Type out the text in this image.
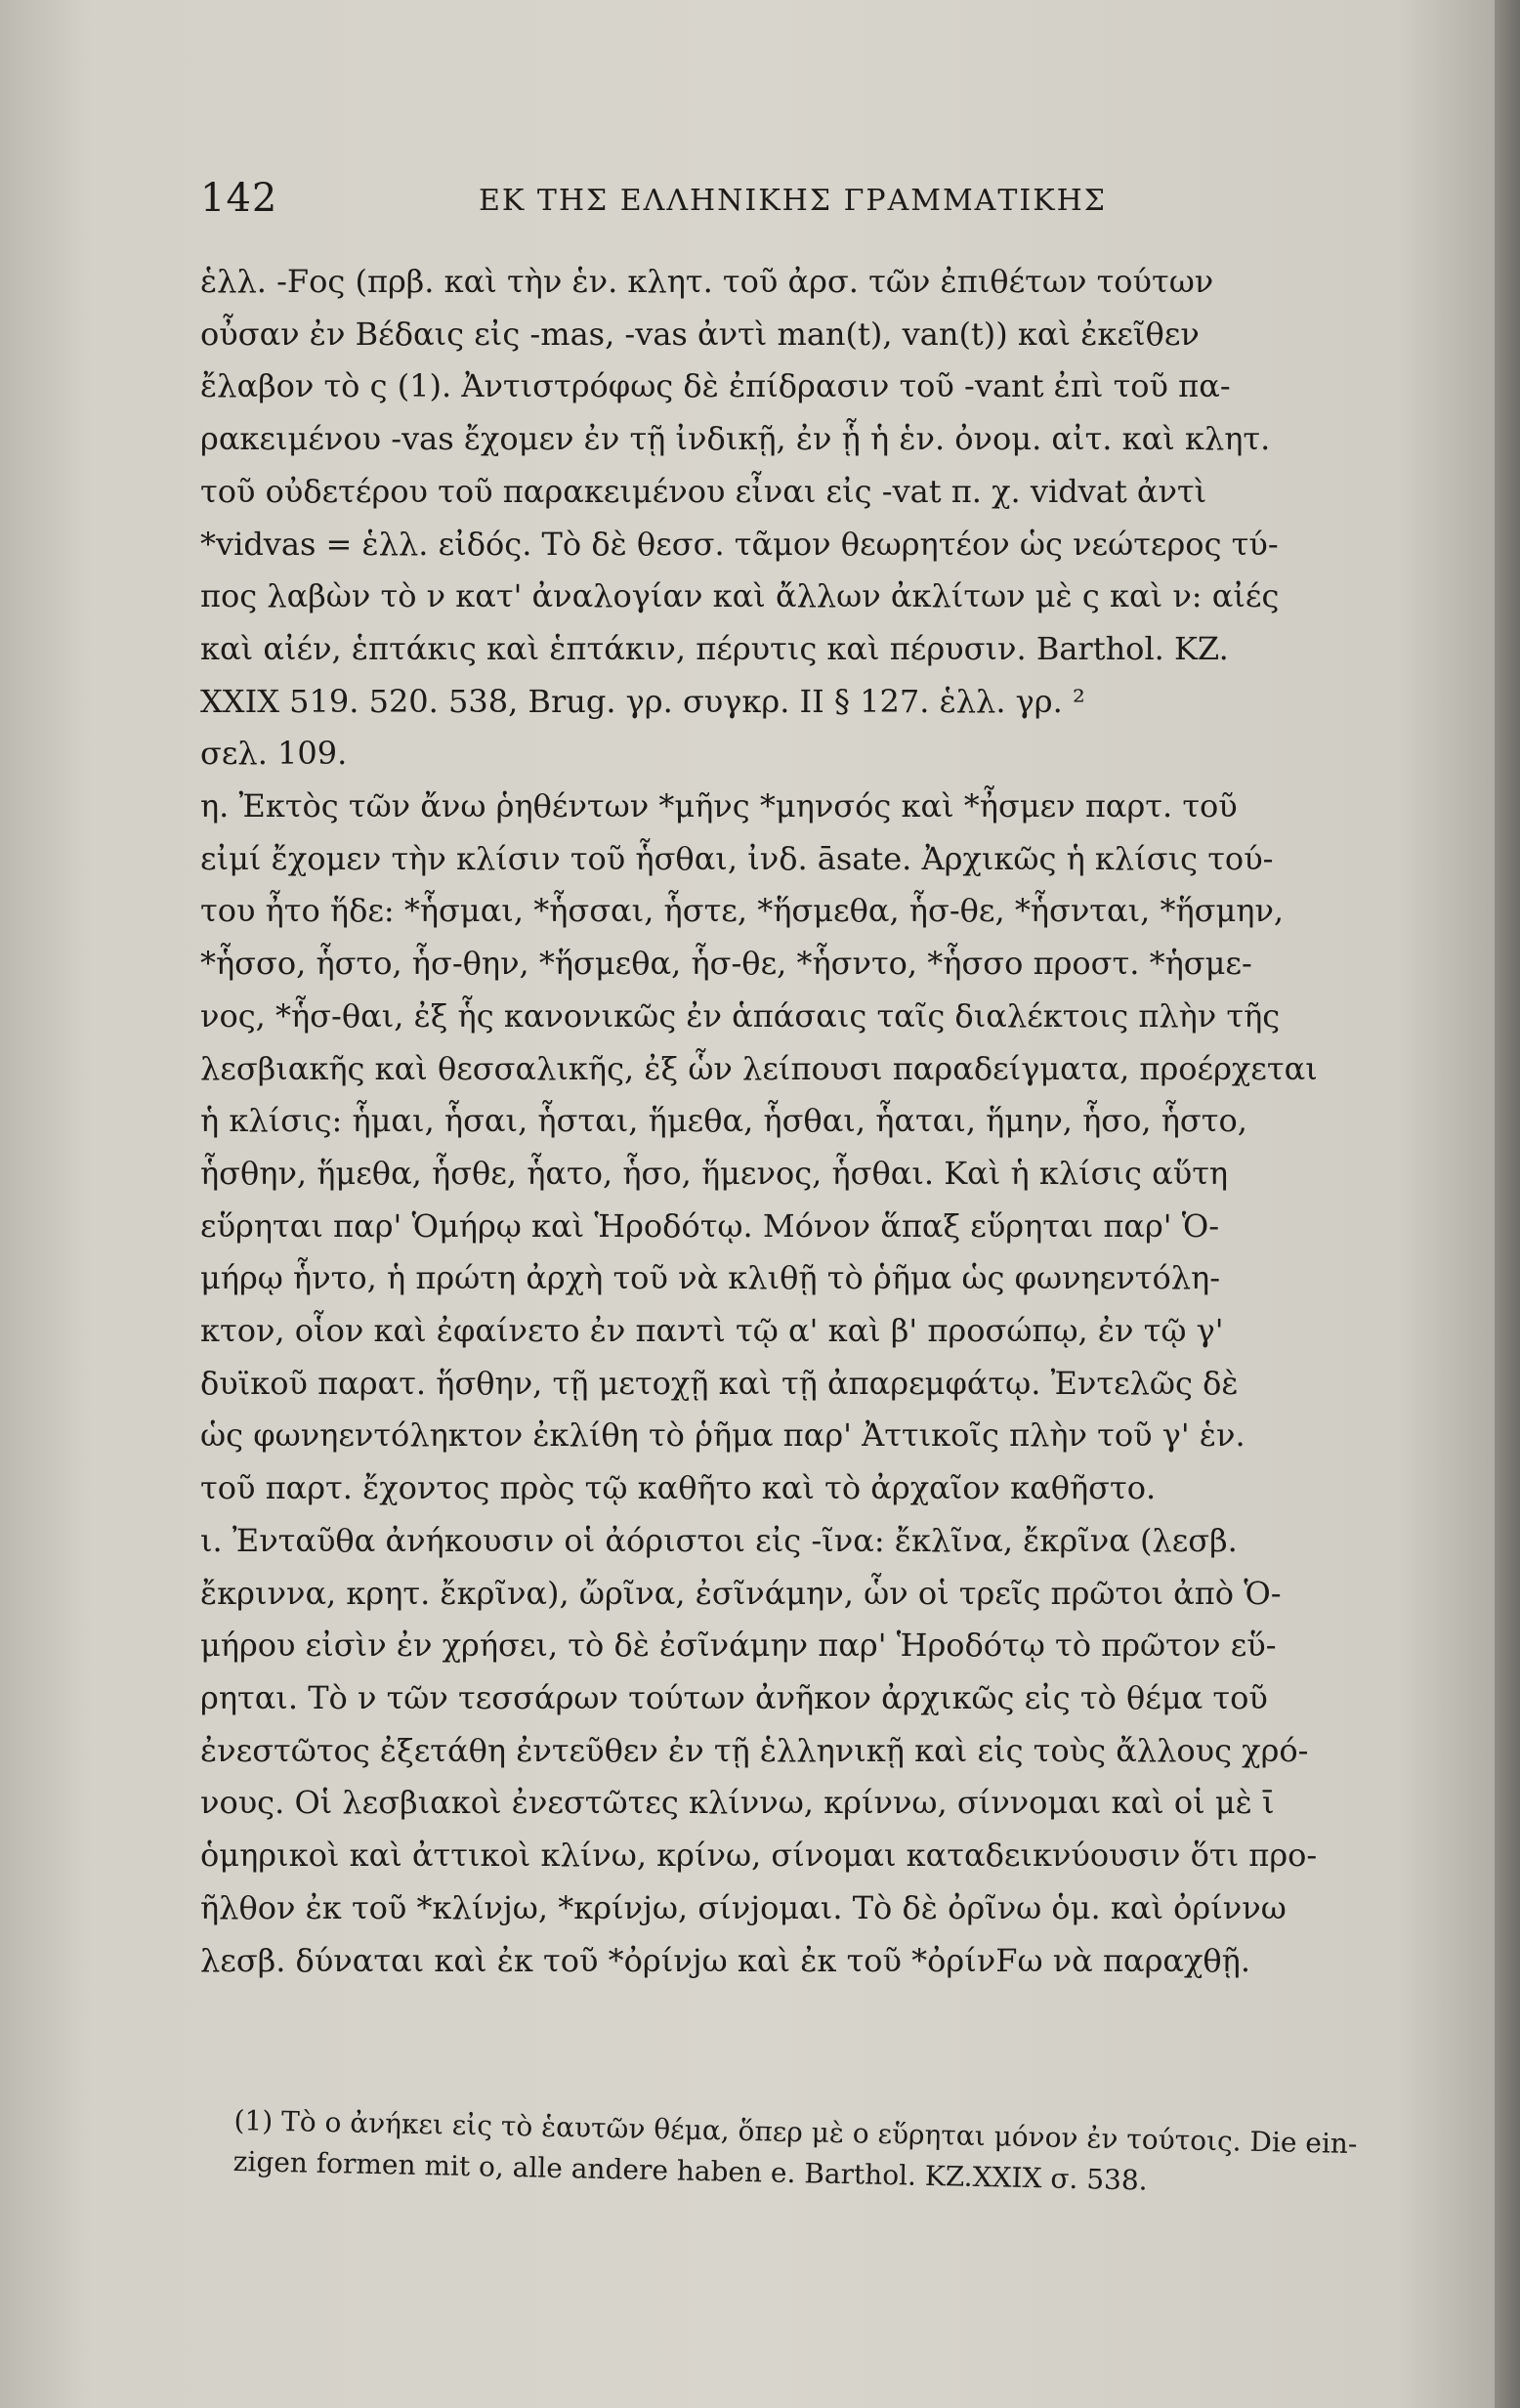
142	ΕΚ ΤΗΣ ΕΛΛΗΝΙΚΗΣ ΓΡΑΜΜΑΤΙΚΗΣ
ἑλλ. -Fος (πρβ. καὶ τὴν ἑν. κλητ. τοῦ ἀρσ. τῶν ἐπιθέτων τούτων
οὖσαν ἐν Βέδαις εἰς -mas, -vas ἀντὶ man(t), van(t)) καὶ ἐκεῖθεν
ἔλαβον τὸ ς (1). Ἀντιστρόφως δὲ ἐπίδρασιν τοῦ -vant ἐπὶ τοῦ πα-
ρακειμένου -vas ἔχομεν ἐν τῇ ἰνδικῇ, ἐν ᾗ ἡ ἑν. ὀνομ. αἰτ. καὶ κλητ.
τοῦ οὐδετέρου τοῦ παρακειμένου εἶναι εἰς -vat π. χ. vidvat ἀντὶ
*vidvas = ἑλλ. εἰδός. Τὸ δὲ θεσσ. τᾶμον θεωρητέον ὡς νεώτερος τύ-
πος λαβὼν τὸ ν κατ' ἀναλογίαν καὶ ἄλλων ἀκλίτων μὲ ς καὶ ν: αἰές
καὶ αἰέν, ἑπτάκις καὶ ἑπτάκιν, πέρυτις καὶ πέρυσιν. Barthol. KZ.
XXIX 519. 520. 538, Brug. γρ. συγκρ. II § 127. ἑλλ. γρ. ²
σελ. 109.
η. Ἐκτὸς τῶν ἄνω ῥηθέντων *μῆνς *μηνσός καὶ *ἦσμεν παρτ. τοῦ
εἰμί ἔχομεν τὴν κλίσιν τοῦ ἧσθαι, ἰνδ. āsate. Ἀρχικῶς ἡ κλίσις τού-
του ἦτο ἥδε: *ἧσμαι, *ἧσσαι, ἧστε, *ἥσμεθα, ἧσ-θε, *ἧσνται, *ἥσμην,
*ἧσσο, ἧστο, ἧσ-θην, *ἥσμεθα, ἧσ-θε, *ἧσντο, *ἧσσο προστ. *ἡσμε-
νος, *ἧσ-θαι, ἐξ ἧς κανονικῶς ἐν ἁπάσαις ταῖς διαλέκτοις πλὴν τῆς
λεσβιακῆς καὶ θεσσαλικῆς, ἐξ ὧν λείπουσι παραδείγματα, προέρχεται
ἡ κλίσις: ἧμαι, ἧσαι, ἧσται, ἥμεθα, ἧσθαι, ἧαται, ἥμην, ἧσο, ἧστο,
ἧσθην, ἥμεθα, ἧσθε, ἧατο, ἧσο, ἥμενος, ἧσθαι. Καὶ ἡ κλίσις αὕτη
εὕρηται παρ' Ὁμήρῳ καὶ Ἡροδότῳ. Μόνον ἅπαξ εὕρηται παρ' Ὁ-
μήρῳ ἧντο, ἡ πρώτη ἀρχὴ τοῦ νὰ κλιθῇ τὸ ῥῆμα ὡς φωνηεντόλη-
κτον, οἷον καὶ ἐφαίνετο ἐν παντὶ τῷ α' καὶ β' προσώπῳ, ἐν τῷ γ'
δυϊκοῦ παρατ. ἥσθην, τῇ μετοχῇ καὶ τῇ ἀπαρεμφάτῳ. Ἐντελῶς δὲ
ὡς φωνηεντόληκτον ἐκλίθη τὸ ῥῆμα παρ' Ἀττικοῖς πλὴν τοῦ γ' ἑν.
τοῦ παρτ. ἔχοντος πρὸς τῷ καθῆτο καὶ τὸ ἀρχαῖον καθῆστο.
ι. Ἐνταῦθα ἀνήκουσιν οἱ ἀόριστοι εἰς -ῖνα: ἔκλῖνα, ἔκρῖνα (λεσβ.
ἔκριννα, κρητ. ἔκρῖνα), ὤρῖνα, ἐσῖνάμην, ὧν οἱ τρεῖς πρῶτοι ἀπὸ Ὁ-
μήρου εἰσὶν ἐν χρήσει, τὸ δὲ ἐσῖνάμην παρ' Ἡροδότῳ τὸ πρῶτον εὕ-
ρηται. Τὸ ν τῶν τεσσάρων τούτων ἀνῆκον ἀρχικῶς εἰς τὸ θέμα τοῦ
ἐνεστῶτος ἐξετάθη ἐντεῦθεν ἐν τῇ ἑλληνικῇ καὶ εἰς τοὺς ἄλλους χρό-
νους. Οἱ λεσβιακοὶ ἐνεστῶτες κλίννω, κρίννω, σίννομαι καὶ οἱ μὲ ῑ
ὁμηρικοὶ καὶ ἀττικοὶ κλίνω, κρίνω, σίνομαι καταδεικνύουσιν ὅτι προ-
ῆλθον ἐκ τοῦ *κλίνjω, *κρίνjω, σίνjομαι. Τὸ δὲ ὀρῖνω ὁμ. καὶ ὀρίννω
λεσβ. δύναται καὶ ἐκ τοῦ *ὀρίνjω καὶ ἐκ τοῦ *ὀρίνFω νὰ παραχθῇ.
(1) Τὸ ο ἀνήκει εἰς τὸ ἑαυτῶν θέμα, ὅπερ μὲ ο εὕρηται μόνον ἐν τούτοις. Die ein-
zigen formen mit o, alle andere haben e. Barthol. KZ.XXIX σ. 538.
